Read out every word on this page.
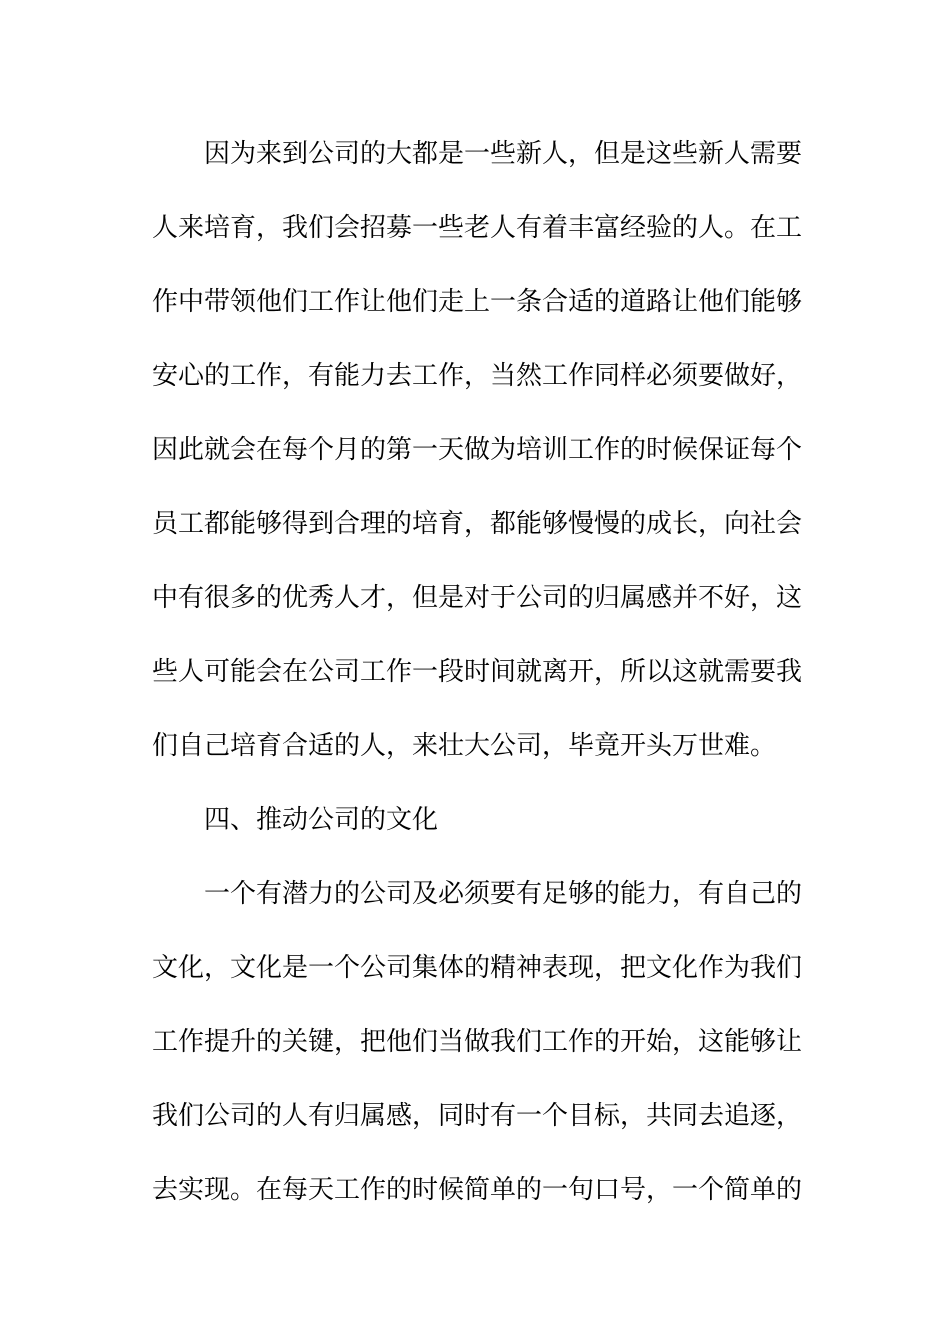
因为来到公司的大都是一些新人，但是这些新人需要
人来培育，我们会招募一些老人有着丰富经验的人。在工
作中带领他们工作让他们走上一条合适的道路让他们能够
安心的工作，有能力去工作，当然工作同样必须要做好，
因此就会在每个月的第一天做为培训工作的时候保证每个
员工都能够得到合理的培育，都能够慢慢的成长，向社会
中有很多的优秀人才，但是对于公司的归属感并不好，这
些人可能会在公司工作一段时间就离开，所以这就需要我
们自己培育合适的人，来壮大公司，毕竟开头万世难。
四、推动公司的文化
一个有潜力的公司及必须要有足够的能力，有自己的
文化，文化是一个公司集体的精神表现，把文化作为我们
工作提升的关键，把他们当做我们工作的开始，这能够让
我们公司的人有归属感，同时有一个目标，共同去追逐，
去实现。在每天工作的时候简单的一句口号，一个简单的
